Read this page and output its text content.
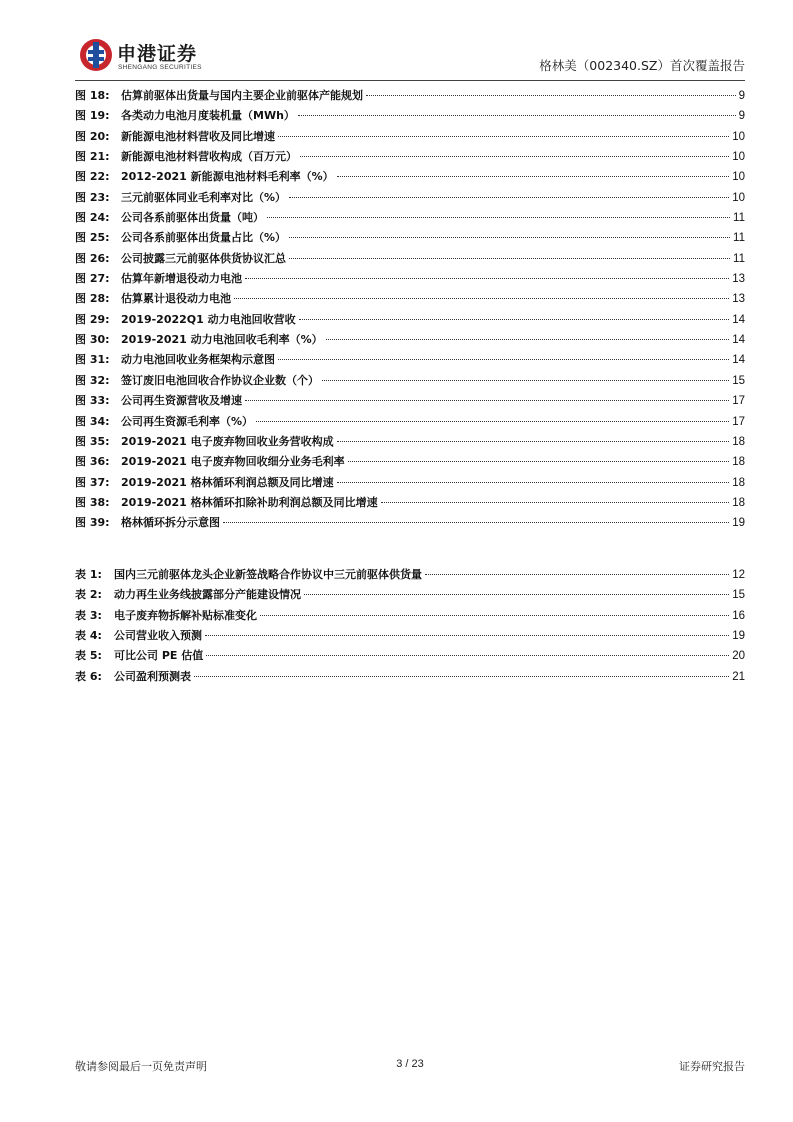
申港证券
SHENGANG SECURITIES	格林美（002340.SZ）首次覆盖报告
图 18:	估算前驱体出货量与国内主要企业前驱体产能规划	9
图 19:	各类动力电池月度装机量（MWh）	9
图 20:	新能源电池材料营收及同比增速	10
图 21:	新能源电池材料营收构成（百万元）	10
图 22:	2012-2021 新能源电池材料毛利率（%）	10
图 23:	三元前驱体同业毛利率对比（%）	10
图 24:	公司各系前驱体出货量（吨）	11
图 25:	公司各系前驱体出货量占比（%）	11
图 26:	公司披露三元前驱体供货协议汇总	11
图 27:	估算年新增退役动力电池	13
图 28:	估算累计退役动力电池	13
图 29:	2019-2022Q1 动力电池回收营收	14
图 30:	2019-2021 动力电池回收毛利率（%）	14
图 31:	动力电池回收业务框架构示意图	14
图 32:	签订废旧电池回收合作协议企业数（个）	15
图 33:	公司再生资源营收及增速	17
图 34:	公司再生资源毛利率（%）	17
图 35:	2019-2021 电子废弃物回收业务营收构成	18
图 36:	2019-2021 电子废弃物回收细分业务毛利率	18
图 37:	2019-2021 格林循环利润总额及同比增速	18
图 38:	2019-2021 格林循环扣除补助利润总额及同比增速	18
图 39:	格林循环拆分示意图	19
表 1:	国内三元前驱体龙头企业新签战略合作协议中三元前驱体供货量	12
表 2:	动力再生业务线披露部分产能建设情况	15
表 3:	电子废弃物拆解补贴标准变化	16
表 4:	公司营业收入预测	19
表 5:	可比公司 PE 估值	20
表 6:	公司盈利预测表	21
敬请参阅最后一页免责声明	3 / 23	证券研究报告
